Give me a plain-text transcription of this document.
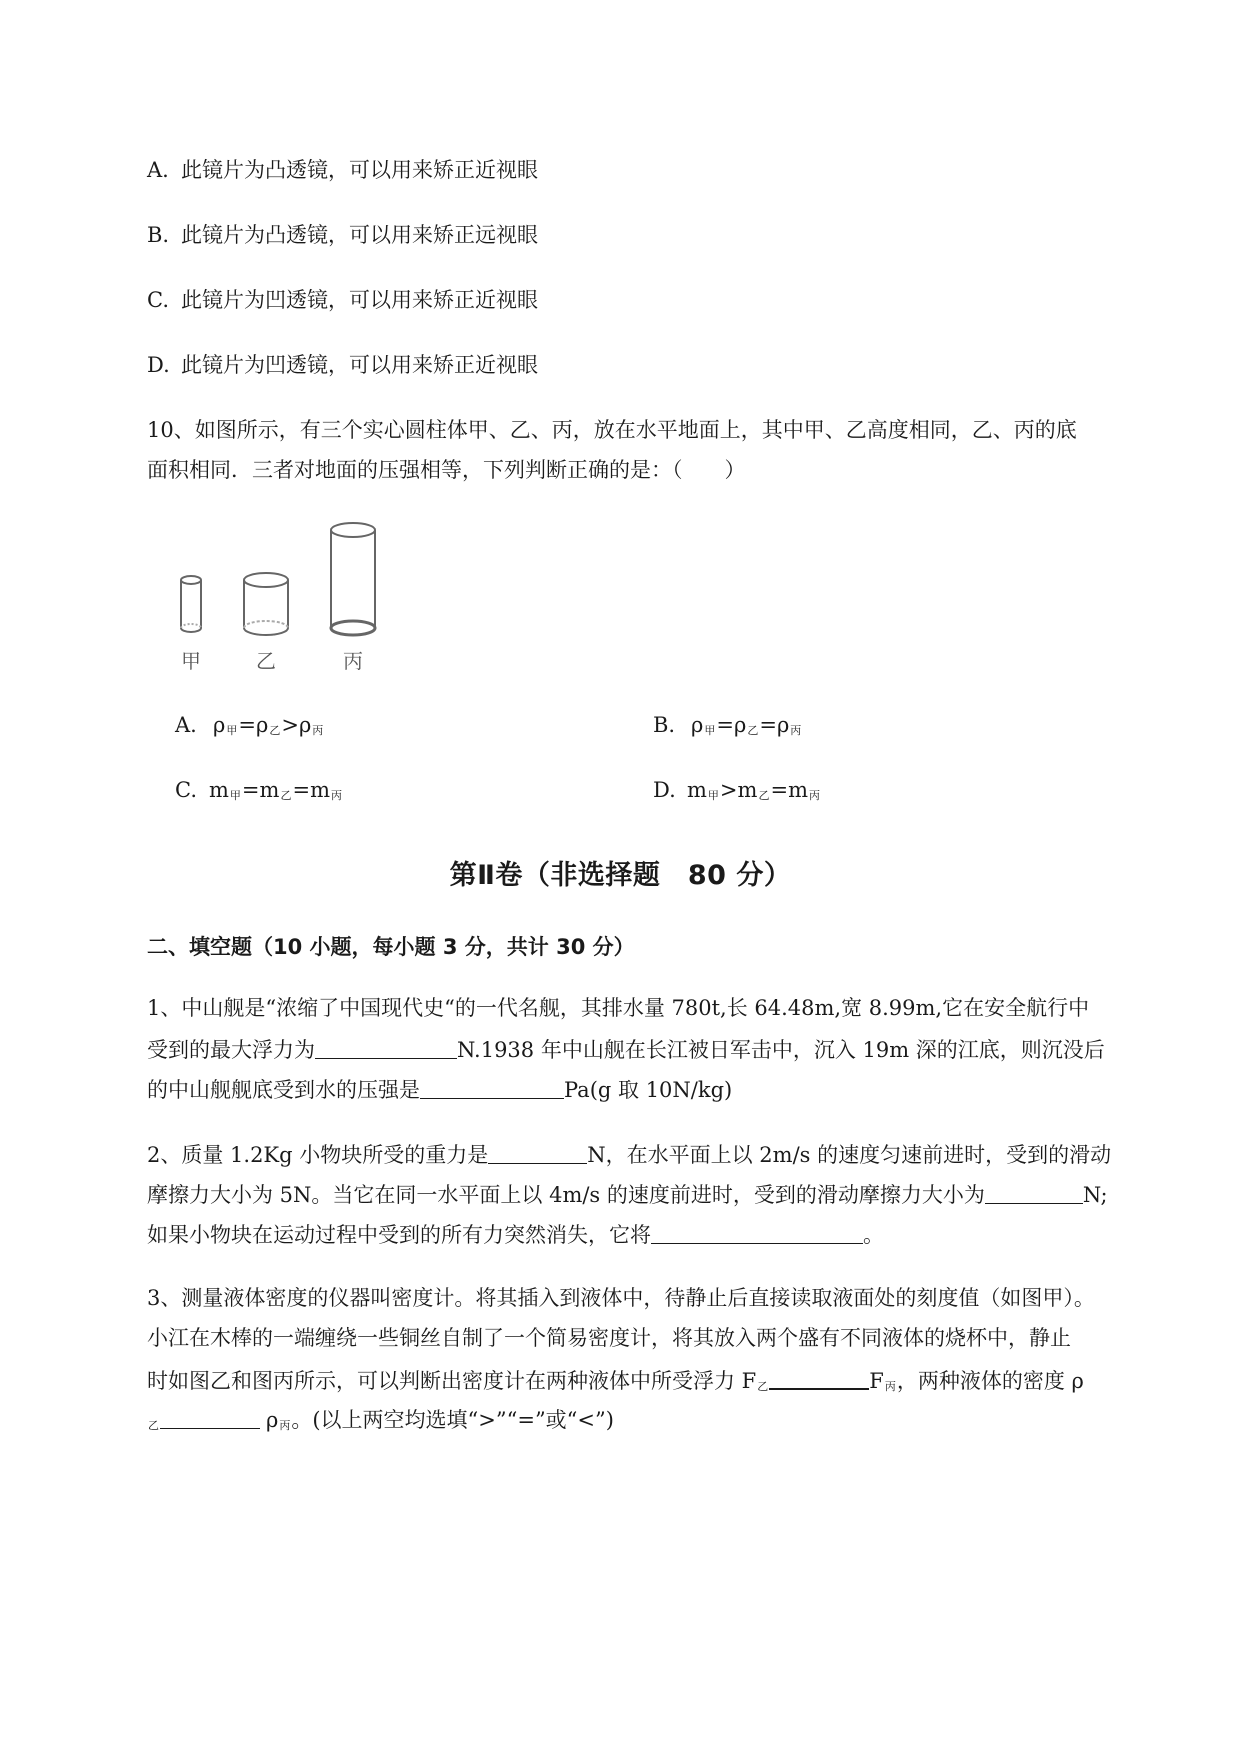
A. 此镜片为凸透镜，可以用来矫正近视眼
B. 此镜片为凸透镜，可以用来矫正远视眼
C. 此镜片为凹透镜，可以用来矫正近视眼
D. 此镜片为凹透镜，可以用来矫正近视眼
10、如图所示，有三个实心圆柱体甲、乙、丙，放在水平地面上，其中甲、乙高度相同，乙、丙的底
面积相同．三者对地面的压强相等，下列判断正确的是：（　　）
甲	乙	丙
A. $\rho_甲=\rho_乙>\rho_丙$	B. $\rho_甲=\rho_乙=\rho_丙$
C. $m_甲=m_乙=m_丙$	D. $m_甲>m_乙=m_丙$
第Ⅱ卷（非选择题　80 分）
二、填空题（10 小题，每小题 3 分，共计 30 分）
1、中山舰是“浓缩了中国现代史“的一代名舰，其排水量 780t,长 64.48m,宽 8.99m,它在安全航行中
受到的最大浮力为	N.1938 年中山舰在长江被日军击中，沉入 19m 深的江底，则沉没后
的中山舰舰底受到水的压强是	Pa(g 取 10N/kg)
2、质量 1.2Kg 小物块所受的重力是	N，在水平面上以 2m/s 的速度匀速前进时，受到的滑动
摩擦力大小为 5N。当它在同一水平面上以 4m/s 的速度前进时，受到的滑动摩擦力大小为	N;
如果小物块在运动过程中受到的所有力突然消失，它将	。
3、测量液体密度的仪器叫密度计。将其插入到液体中，待静止后直接读取液面处的刻度值（如图甲）。
小江在木棒的一端缠绕一些铜丝自制了一个简易密度计，将其放入两个盛有不同液体的烧杯中，静止
时如图乙和图丙所示，可以判断出密度计在两种液体中所受浮力 $F_乙$	$F_丙$，两种液体的密度 ρ
$_乙$	$\rho_丙$。(以上两空均选填“>”“=”或“<”)
